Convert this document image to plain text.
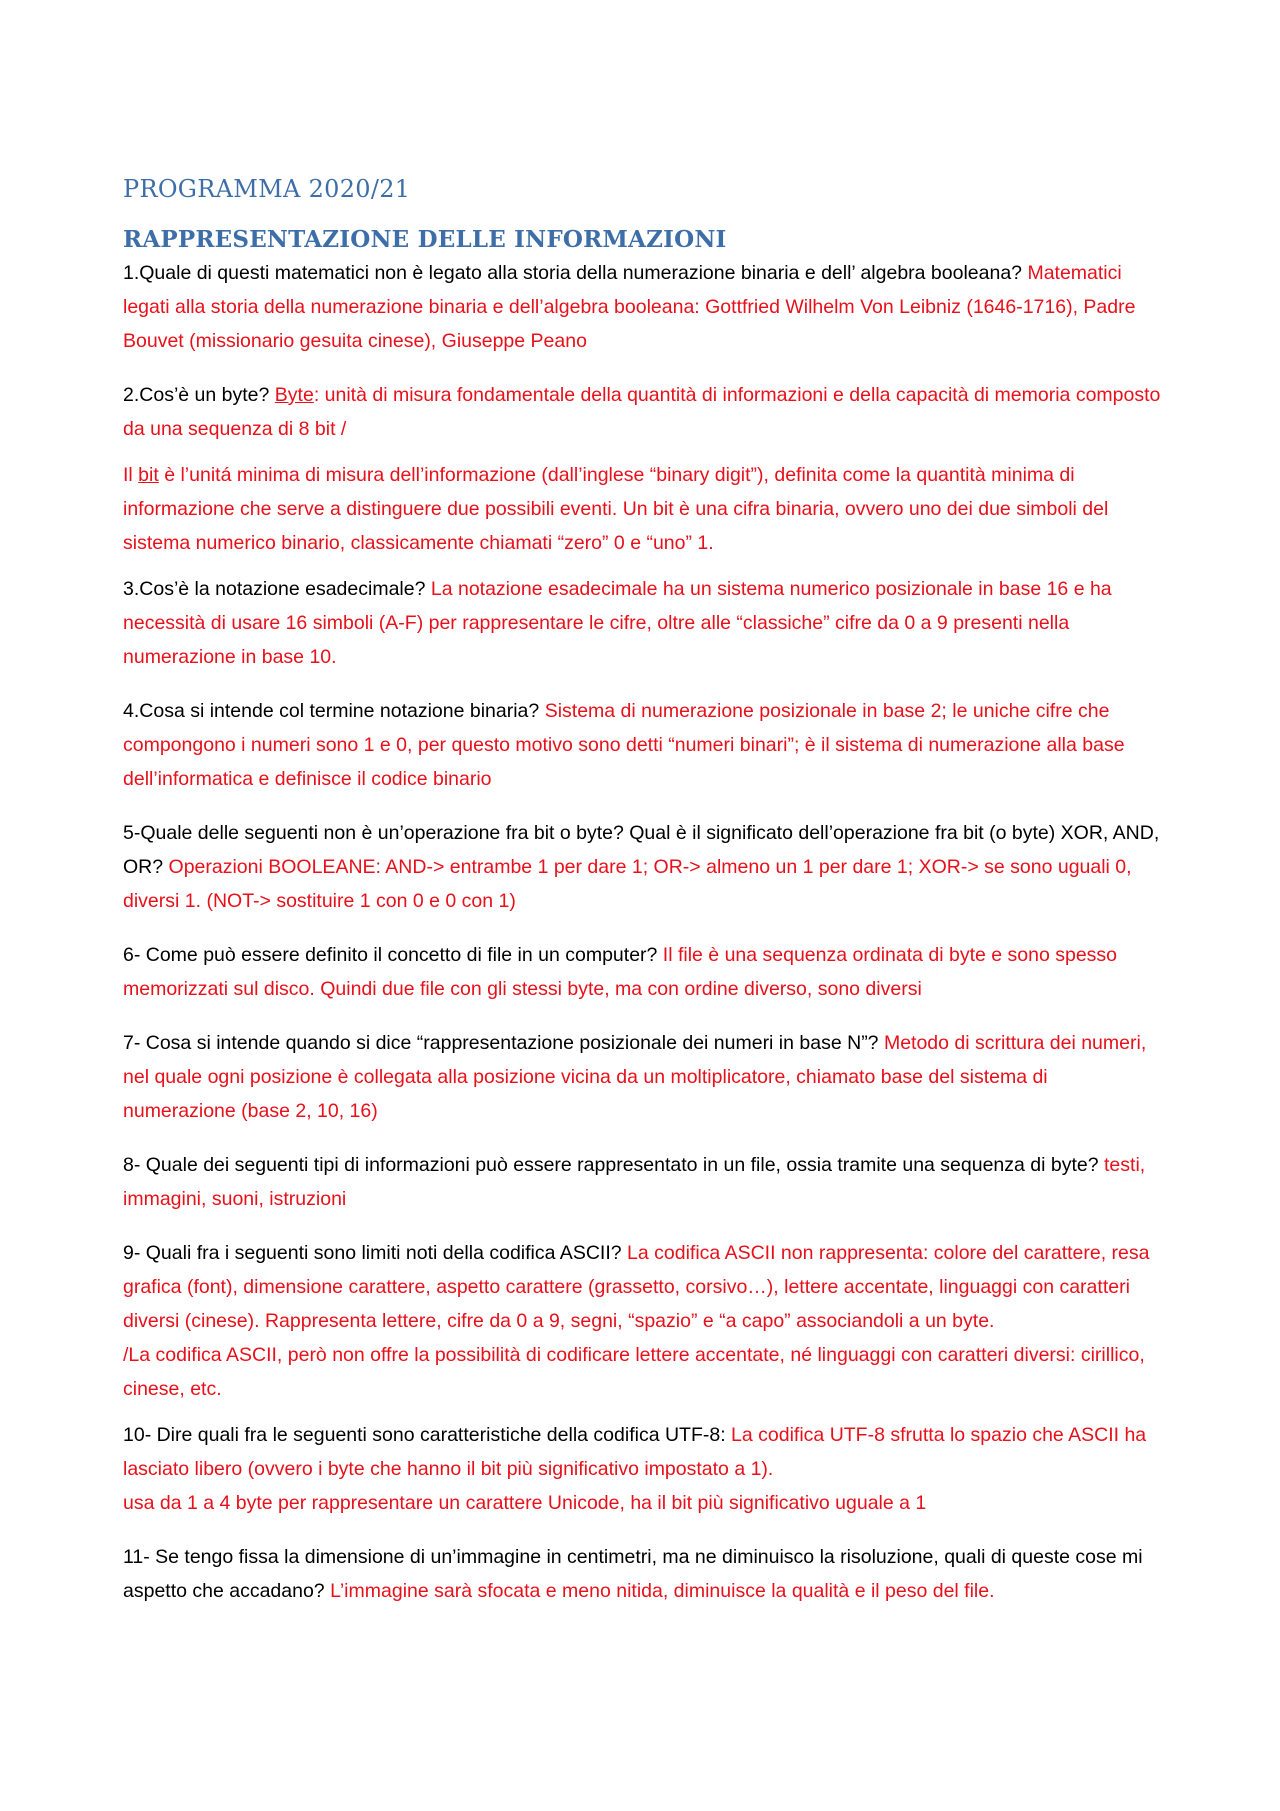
PROGRAMMA 2020/21
RAPPRESENTAZIONE DELLE INFORMAZIONI

1.Quale di questi matematici non è legato alla storia della numerazione binaria e dell’ algebra booleana? Matematici legati alla storia della numerazione binaria e dell’algebra booleana: Gottfried Wilhelm Von Leibniz (1646-1716), Padre Bouvet (missionario gesuita cinese), Giuseppe Peano

2.Cos’è un byte? Byte: unità di misura fondamentale della quantità di informazioni e della capacità di memoria composto da una sequenza di 8 bit /

Il bit è l’unitá minima di misura dell’informazione (dall’inglese “binary digit”), definita come la quantità minima di informazione che serve a distinguere due possibili eventi. Un bit è una cifra binaria, ovvero uno dei due simboli del sistema numerico binario, classicamente chiamati “zero” 0 e “uno” 1.

3.Cos’è la notazione esadecimale? La notazione esadecimale ha un sistema numerico posizionale in base 16 e ha necessità di usare 16 simboli (A-F) per rappresentare le cifre, oltre alle “classiche” cifre da 0 a 9 presenti nella numerazione in base 10.

4.Cosa si intende col termine notazione binaria? Sistema di numerazione posizionale in base 2; le uniche cifre che compongono i numeri sono 1 e 0, per questo motivo sono detti “numeri binari”; è il sistema di numerazione alla base dell’informatica e definisce il codice binario

5-Quale delle seguenti non è un’operazione fra bit o byte? Qual è il significato dell’operazione fra bit (o byte) XOR, AND, OR? Operazioni BOOLEANE: AND-> entrambe 1 per dare 1; OR-> almeno un 1 per dare 1; XOR-> se sono uguali 0, diversi 1. (NOT-> sostituire 1 con 0 e 0 con 1)

6- Come può essere definito il concetto di file in un computer? Il file è una sequenza ordinata di byte e sono spesso memorizzati sul disco. Quindi due file con gli stessi byte, ma con ordine diverso, sono diversi

7- Cosa si intende quando si dice “rappresentazione posizionale dei numeri in base N”? Metodo di scrittura dei numeri, nel quale ogni posizione è collegata alla posizione vicina da un moltiplicatore, chiamato base del sistema di numerazione (base 2, 10, 16)

8- Quale dei seguenti tipi di informazioni può essere rappresentato in un file, ossia tramite una sequenza di byte? testi, immagini, suoni, istruzioni

9- Quali fra i seguenti sono limiti noti della codifica ASCII? La codifica ASCII non rappresenta: colore del carattere, resa grafica (font), dimensione carattere, aspetto carattere (grassetto, corsivo…), lettere accentate, linguaggi con caratteri diversi (cinese). Rappresenta lettere, cifre da 0 a 9, segni, “spazio” e “a capo” associandoli a un byte.
/La codifica ASCII, però non offre la possibilità di codificare lettere accentate, né linguaggi con caratteri diversi: cirillico, cinese, etc.

10- Dire quali fra le seguenti sono caratteristiche della codifica UTF-8: La codifica UTF-8 sfrutta lo spazio che ASCII ha lasciato libero (ovvero i byte che hanno il bit più significativo impostato a 1).
usa da 1 a 4 byte per rappresentare un carattere Unicode, ha il bit più significativo uguale a 1

11- Se tengo fissa la dimensione di un’immagine in centimetri, ma ne diminuisco la risoluzione, quali di queste cose mi aspetto che accadano? L’immagine sarà sfocata e meno nitida, diminuisce la qualità e il peso del file.
